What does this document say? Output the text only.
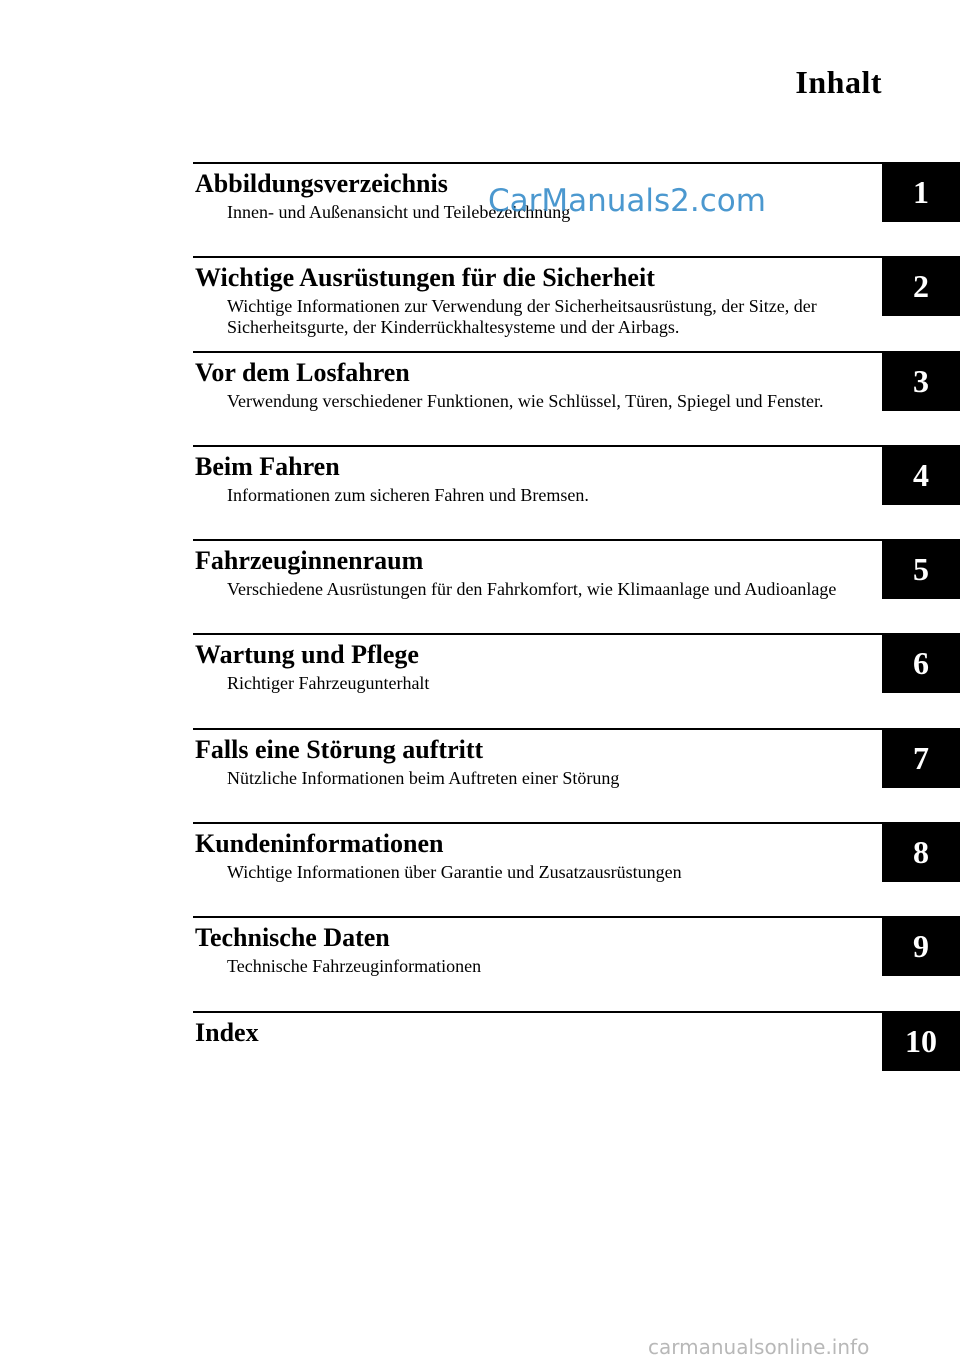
Inhalt
Abbildungsverzeichnis
Innen- und Außenansicht und Teilebezeichnung
1
Wichtige Ausrüstungen für die Sicherheit
Wichtige Informationen zur Verwendung der Sicherheitsausrüstung, der Sitze, der Sicherheitsgurte, der Kinderrückhaltesysteme und der Airbags.
2
Vor dem Losfahren
Verwendung verschiedener Funktionen, wie Schlüssel, Türen, Spiegel und Fenster.
3
Beim Fahren
Informationen zum sicheren Fahren und Bremsen.
4
Fahrzeuginnenraum
Verschiedene Ausrüstungen für den Fahrkomfort, wie Klimaanlage und Audioanlage
5
Wartung und Pflege
Richtiger Fahrzeugunterhalt
6
Falls eine Störung auftritt
Nützliche Informationen beim Auftreten einer Störung
7
Kundeninformationen
Wichtige Informationen über Garantie und Zusatzausrüstungen
8
Technische Daten
Technische Fahrzeuginformationen
9
Index	10
CarManuals2.com
carmanualsonline.info
